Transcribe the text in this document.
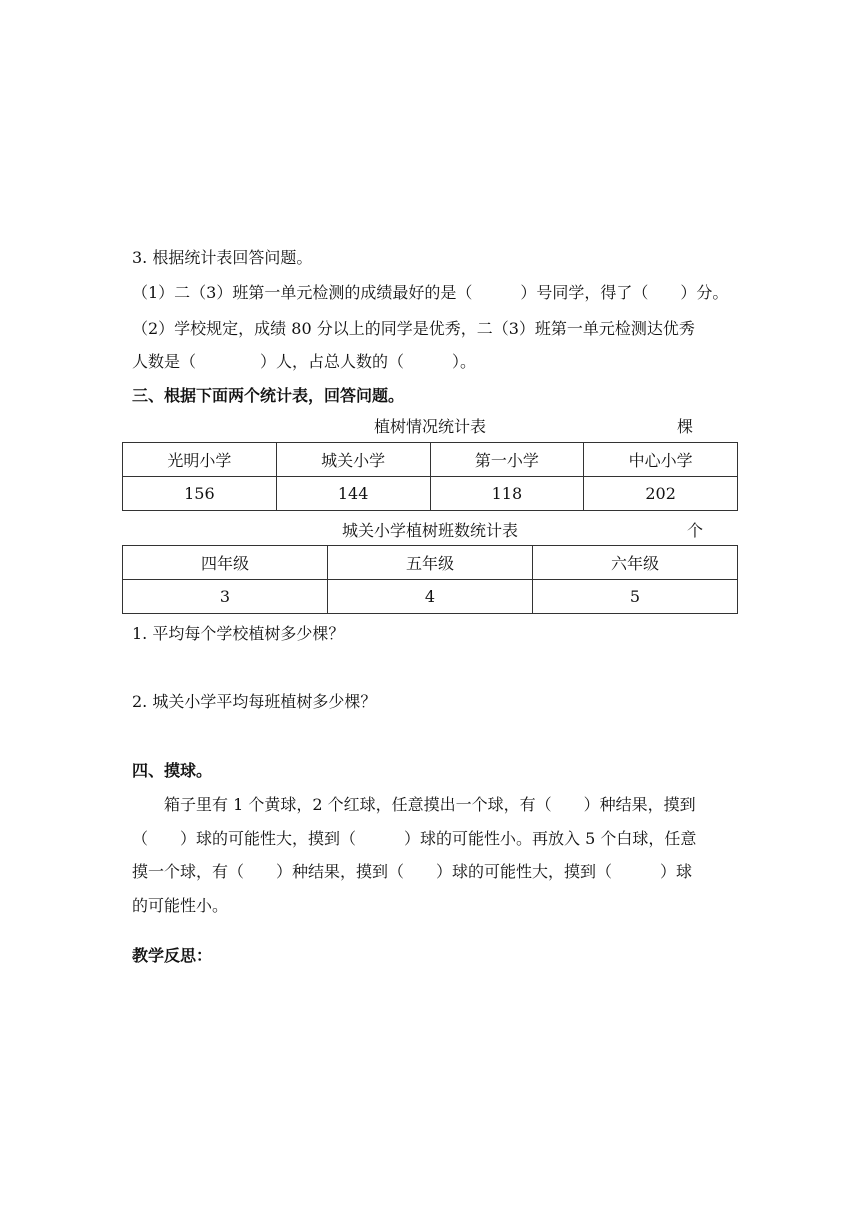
3. 根据统计表回答问题。
（1）二（3）班第一单元检测的成绩最好的是（　　　）号同学，得了（　　）分。
（2）学校规定，成绩 80 分以上的同学是优秀，二（3）班第一单元检测达优秀
人数是（　　　　）人，占总人数的（　　　）。
三、根据下面两个统计表，回答问题。
植树情况统计表	棵
光明小学	城关小学	第一小学	中心小学
156	144	118	202
城关小学植树班数统计表	个
四年级	五年级	六年级
3	4	5
1. 平均每个学校植树多少棵？
2. 城关小学平均每班植树多少棵？
四、摸球。
　　箱子里有 1 个黄球，2 个红球，任意摸出一个球，有（　　）种结果，摸到
（　　）球的可能性大，摸到（　　　）球的可能性小。再放入 5 个白球，任意
摸一个球，有（　　）种结果，摸到（　　）球的可能性大，摸到（　　　）球
的可能性小。
教学反思：
